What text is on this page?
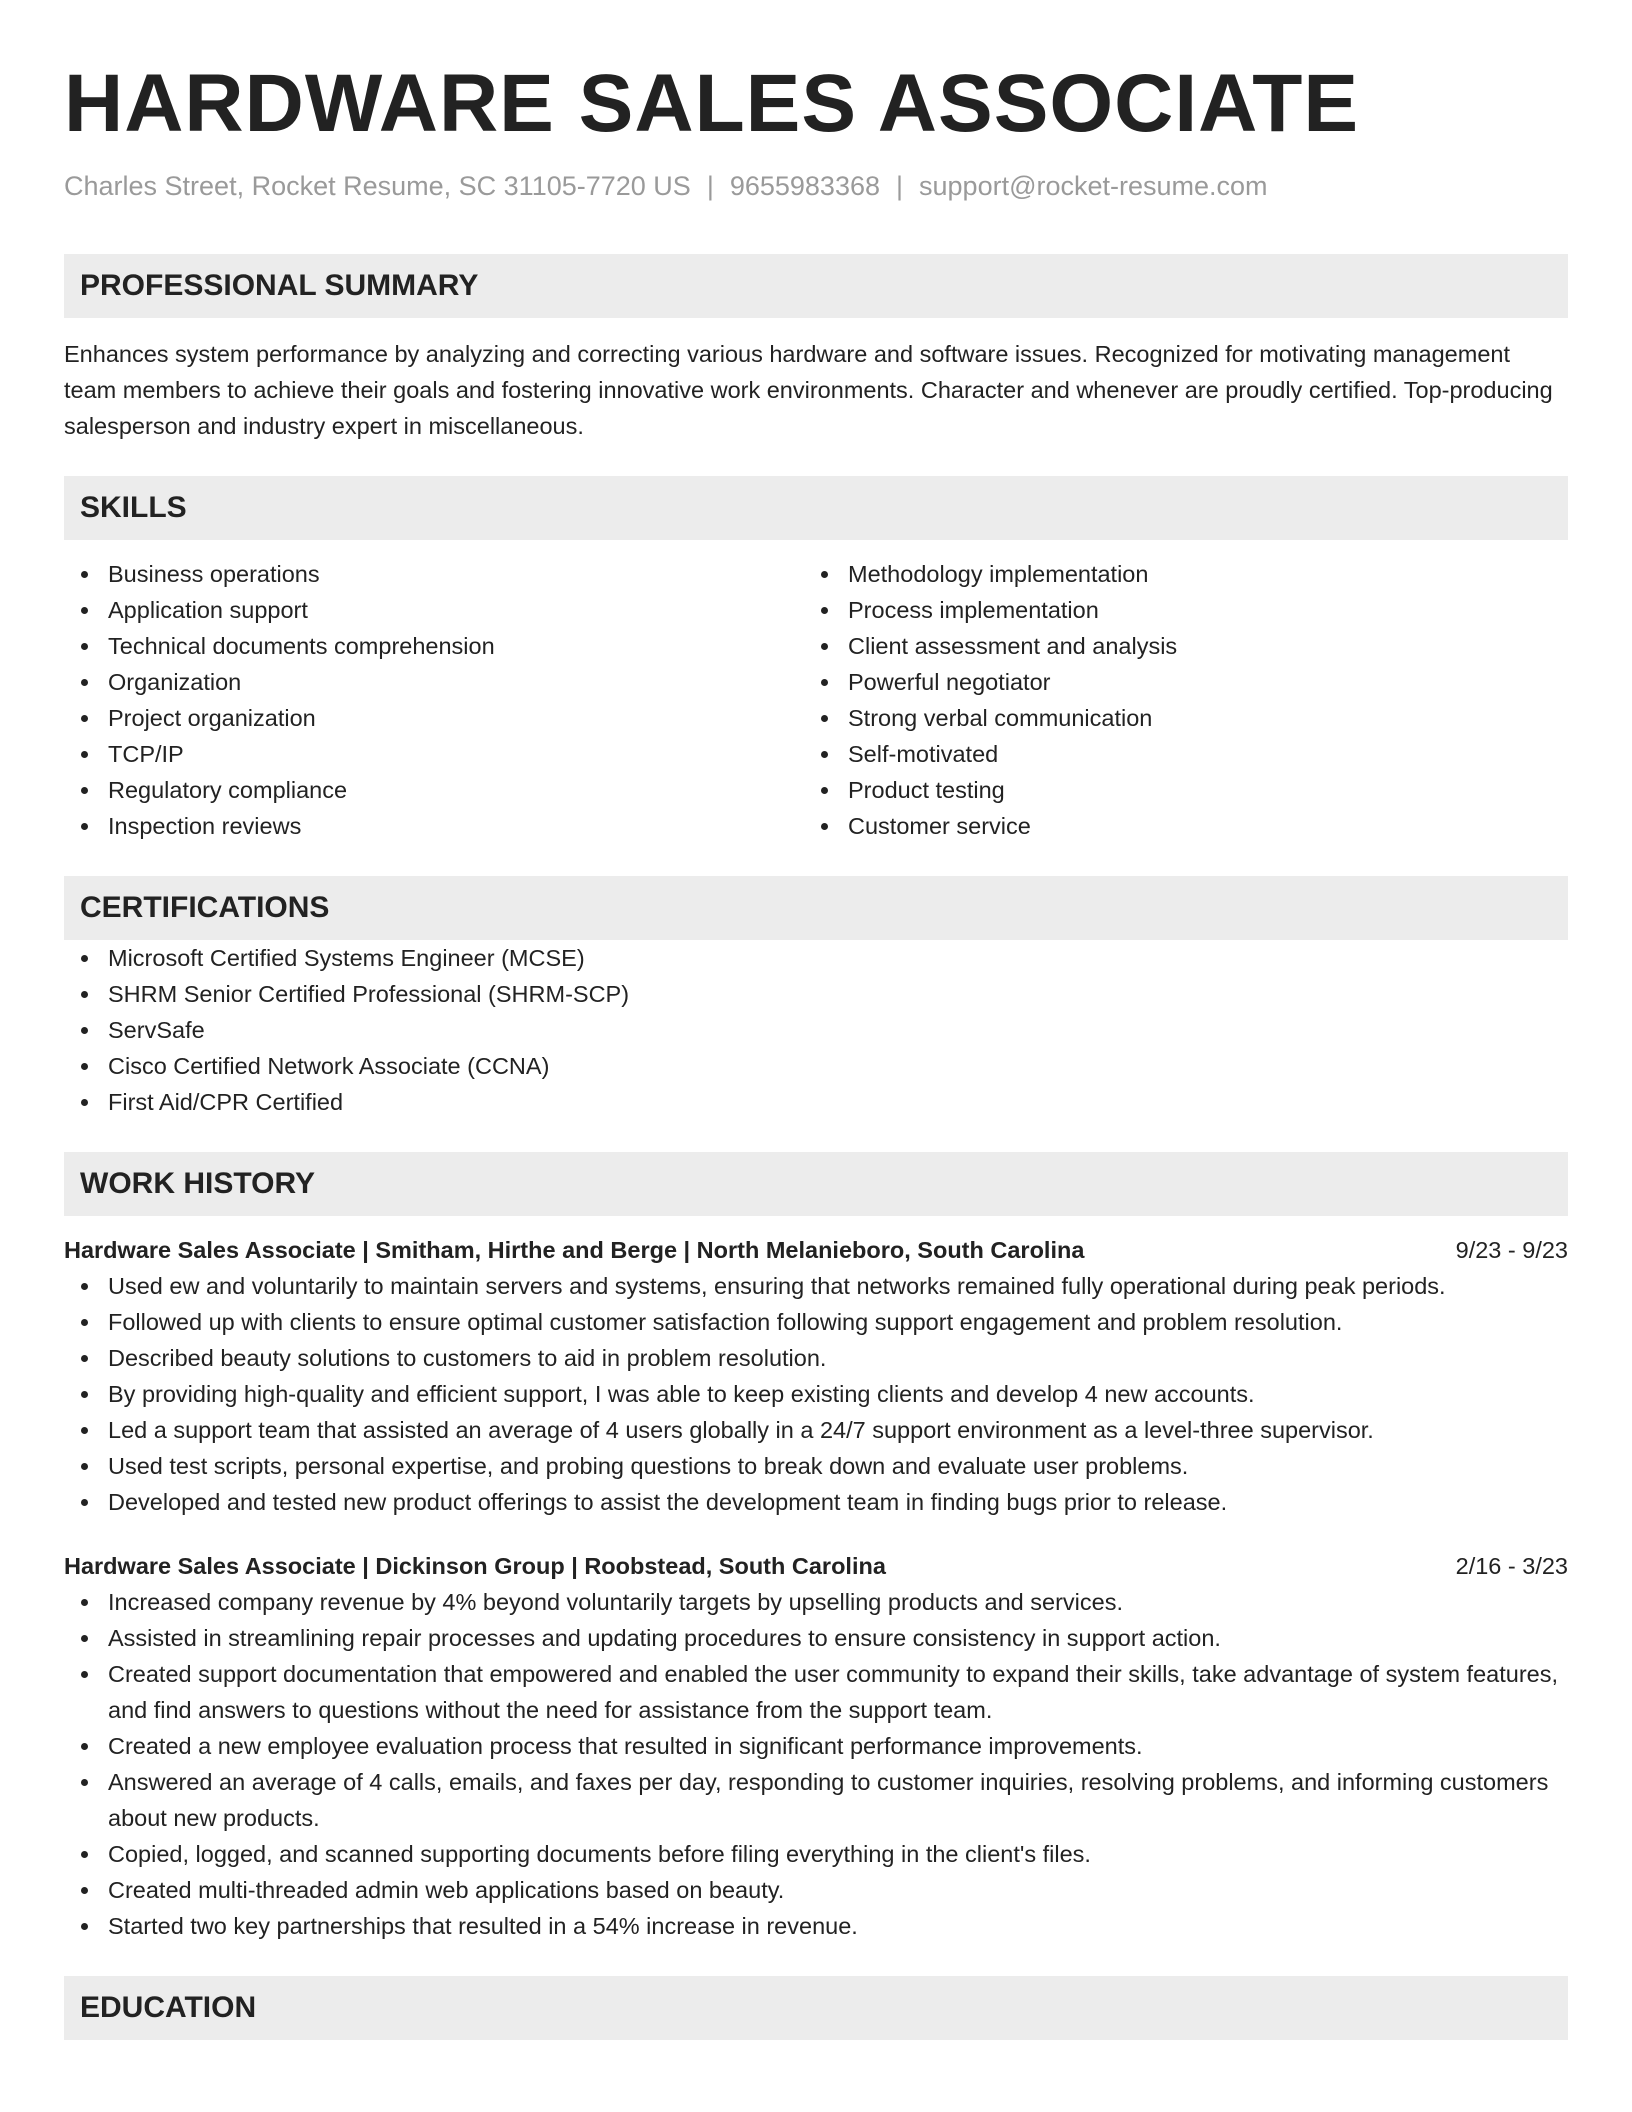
HARDWARE SALES ASSOCIATE
Charles Street, Rocket Resume, SC 31105-7720 US | 9655983368 | support@rocket-resume.com
PROFESSIONAL SUMMARY

Enhances system performance by analyzing and correcting various hardware and software issues. Recognized for motivating management team members to achieve their goals and fostering innovative work environments. Character and whenever are proudly certified. Top-producing salesperson and industry expert in miscellaneous.

SKILLS
Business operations
Application support
Technical documents comprehension
Organization
Project organization
TCP/IP
Regulatory compliance
Inspection reviews
Methodology implementation
Process implementation
Client assessment and analysis
Powerful negotiator
Strong verbal communication
Self-motivated
Product testing
Customer service
CERTIFICATIONS
Microsoft Certified Systems Engineer (MCSE)
SHRM Senior Certified Professional (SHRM-SCP)
ServSafe
Cisco Certified Network Associate (CCNA)
First Aid/CPR Certified
WORK HISTORY
Hardware Sales Associate | Smitham, Hirthe and Berge | North Melanieboro, South Carolina	9/23 - 9/23
Used ew and voluntarily to maintain servers and systems, ensuring that networks remained fully operational during peak periods.
Followed up with clients to ensure optimal customer satisfaction following support engagement and problem resolution.
Described beauty solutions to customers to aid in problem resolution.
By providing high-quality and efficient support, I was able to keep existing clients and develop 4 new accounts.
Led a support team that assisted an average of 4 users globally in a 24/7 support environment as a level-three supervisor.
Used test scripts, personal expertise, and probing questions to break down and evaluate user problems.
Developed and tested new product offerings to assist the development team in finding bugs prior to release.
Hardware Sales Associate | Dickinson Group | Roobstead, South Carolina	2/16 - 3/23
Increased company revenue by 4% beyond voluntarily targets by upselling products and services.
Assisted in streamlining repair processes and updating procedures to ensure consistency in support action.
Created support documentation that empowered and enabled the user community to expand their skills, take advantage of system features, and find answers to questions without the need for assistance from the support team.
Created a new employee evaluation process that resulted in significant performance improvements.
Answered an average of 4 calls, emails, and faxes per day, responding to customer inquiries, resolving problems, and informing customers about new products.
Copied, logged, and scanned supporting documents before filing everything in the client's files.
Created multi-threaded admin web applications based on beauty.
Started two key partnerships that resulted in a 54% increase in revenue.
EDUCATION
